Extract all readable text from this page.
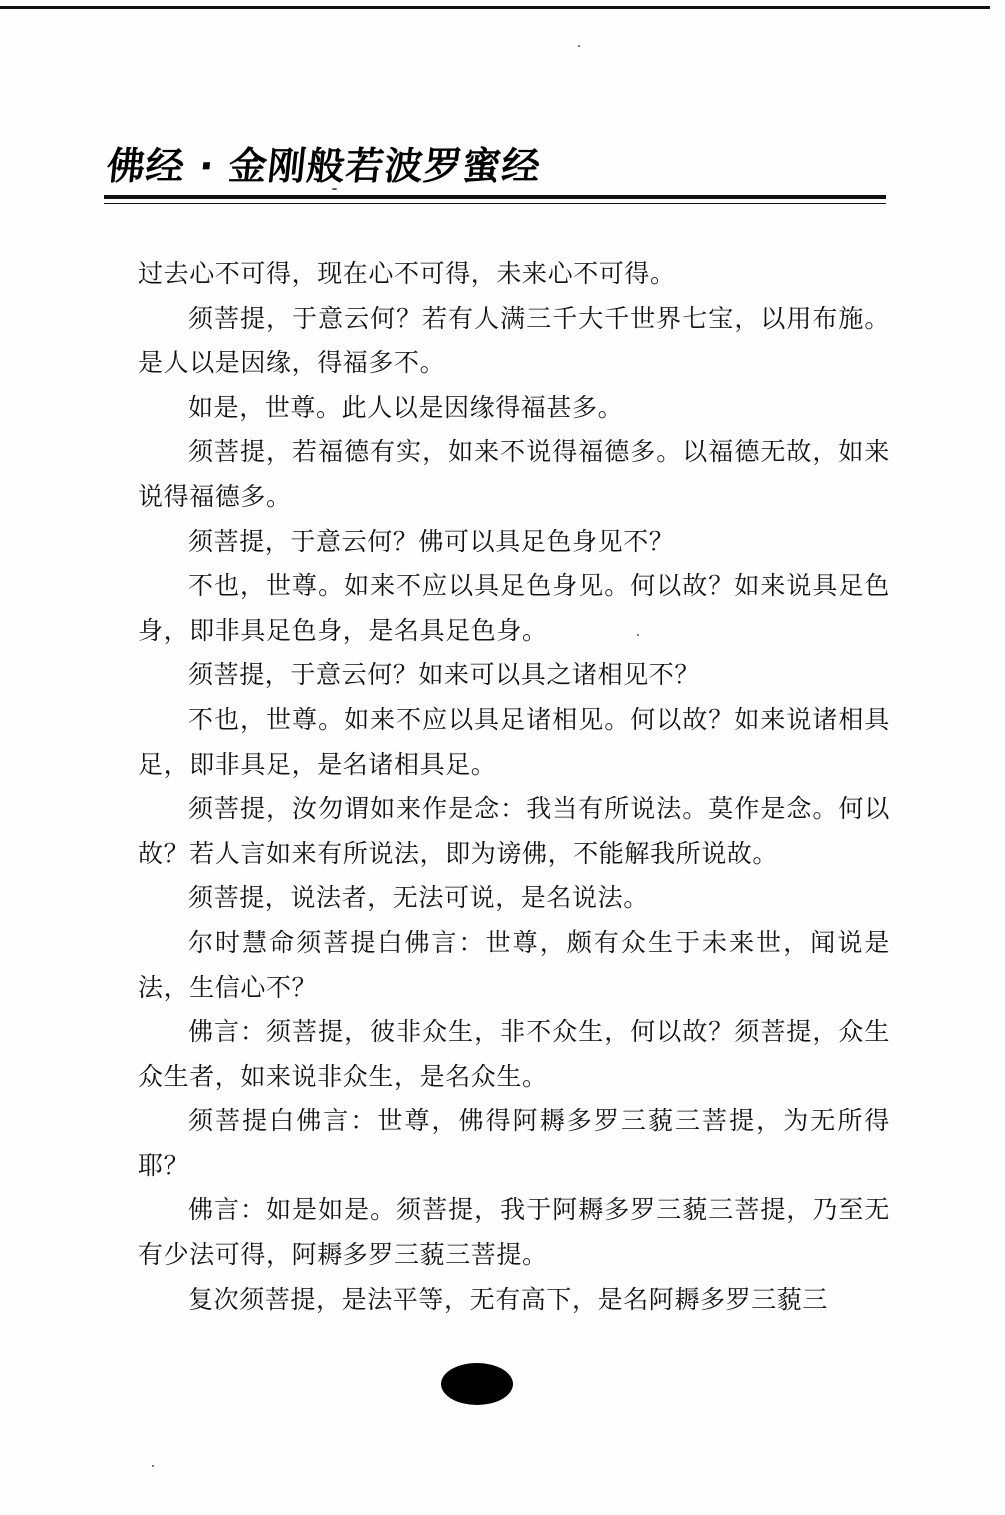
佛经 · 金刚般若波罗蜜经

过去心不可得，现在心不可得，未来心不可得。

须菩提，于意云何？若有人满三千大千世界七宝，以用布施。是人以是因缘，得福多不。

如是，世尊。此人以是因缘得福甚多。

须菩提，若福德有实，如来不说得福德多。以福德无故，如来说得福德多。

须菩提，于意云何？佛可以具足色身见不？

不也，世尊。如来不应以具足色身见。何以故？如来说具足色身，即非具足色身，是名具足色身。

须菩提，于意云何？如来可以具之诸相见不？

不也，世尊。如来不应以具足诸相见。何以故？如来说诸相具足，即非具足，是名诸相具足。

须菩提，汝勿谓如来作是念：我当有所说法。莫作是念。何以故？若人言如来有所说法，即为谤佛，不能解我所说故。

须菩提，说法者，无法可说，是名说法。

尔时慧命须菩提白佛言：世尊，颇有众生于未来世，闻说是法，生信心不？

佛言：须菩提，彼非众生，非不众生，何以故？须菩提，众生众生者，如来说非众生，是名众生。

须菩提白佛言：世尊，佛得阿耨多罗三藐三菩提，为无所得耶？

佛言：如是如是。须菩提，我于阿耨多罗三藐三菩提，乃至无有少法可得，阿耨多罗三藐三菩提。

复次须菩提，是法平等，无有高下，是名阿耨多罗三藐三
